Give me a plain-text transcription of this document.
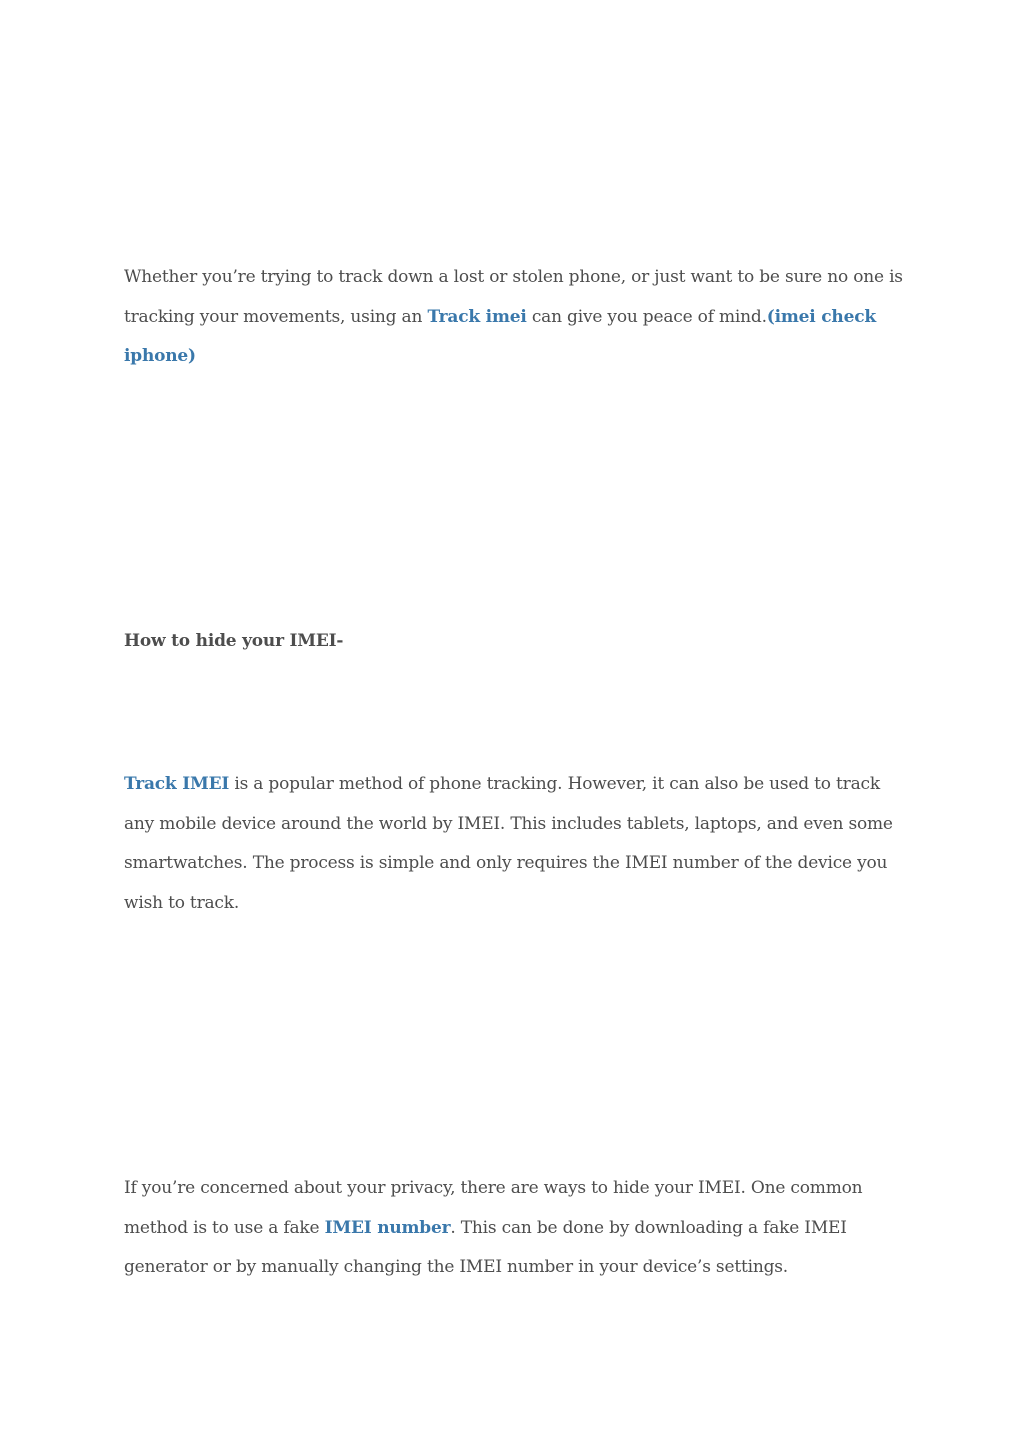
Whether you’re trying to track down a lost or stolen phone, or just want to be sure no one is tracking your movements, using an Track imei can give you peace of mind.(imei check iphone)

How to hide your IMEI-

Track IMEI is a popular method of phone tracking. However, it can also be used to track any mobile device around the world by IMEI. This includes tablets, laptops, and even some smartwatches. The process is simple and only requires the IMEI number of the device you wish to track.

If you’re concerned about your privacy, there are ways to hide your IMEI. One common method is to use a fake IMEI number. This can be done by downloading a fake IMEI generator or by manually changing the IMEI number in your device’s settings.
